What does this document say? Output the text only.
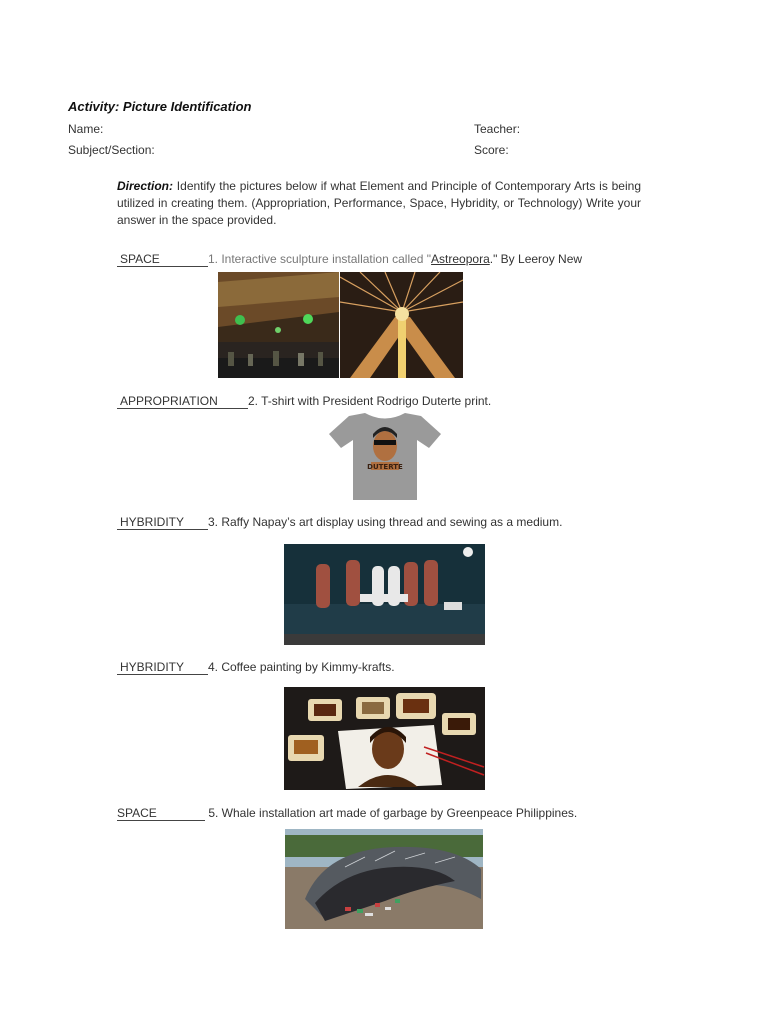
Activity: Picture Identification
Name:	Teacher:
Subject/Section:	Score:
Direction: Identify the pictures below if what Element and Principle of Contemporary Arts is being utilized in creating them. (Appropriation, Performance, Space, Hybridity, or Technology) Write your answer in the space provided.
SPACE	1. Interactive sculpture installation called "Astreopora." By Leeroy New
APPROPRIATION	2. T-shirt with President Rodrigo Duterte print.
DUTERTE
HYBRIDITY 3. Raffy Napay’s art display using thread and sewing as a medium.
HYBRIDITY 4. Coffee painting by Kimmy-krafts.
SPACE	5. Whale installation art made of garbage by Greenpeace Philippines.
